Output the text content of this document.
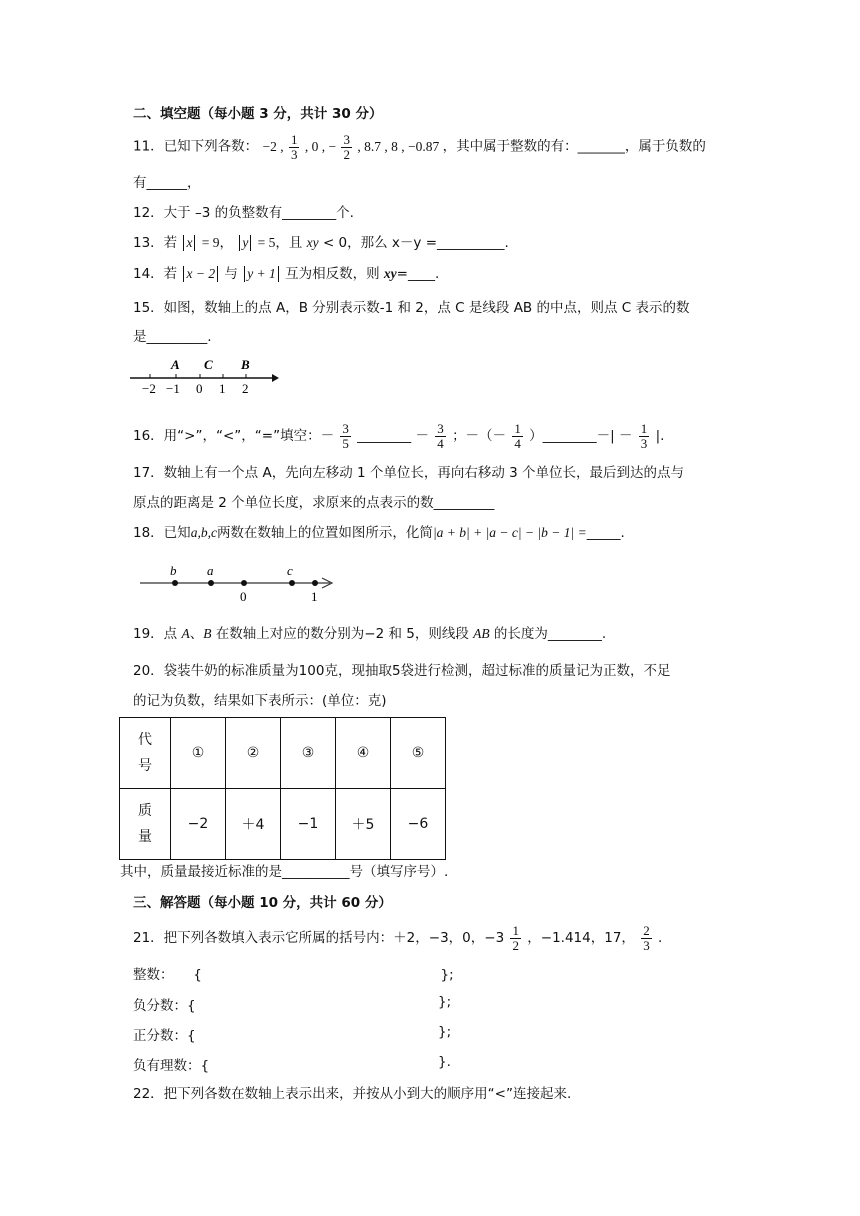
二、填空题（每小题 3 分，共计 30 分）
11．已知下列各数： −2 , $\frac{1}{3}$ , 0 , − $\frac{3}{2}$ , 8.7 , 8 , −0.87 ，其中属于整数的有：_______，属于负数的
有______，
12．大于 –3 的负整数有________个.
13．若 x = 9， y = 5，且 xy < 0，那么 x－y =__________.
14．若 x − 2 与 y + 1 互为相反数，则 xy=____.
15．如图，数轴上的点 A，B 分别表示数-1 和 2，点 C 是线段 AB 的中点，则点 C 表示的数
是_________.
A C B
−2 −1 0 1 2
16．用“>”，“<”，“=”填空：－ $\frac{3}{5}$ ________ － $\frac{3}{4}$ ；－（－ $\frac{1}{4}$ ）________－| － $\frac{1}{3}$ |.
17．数轴上有一个点 A，先向左移动 1 个单位长，再向右移动 3 个单位长，最后到达的点与
原点的距离是 2 个单位长度，求原来的点表示的数_________
18．已知a,b,c两数在数轴上的位置如图所示，化简|a + b| + |a − c| − |b − 1| =_____.
b a	c
0	1
19．点 A、B 在数轴上对应的数分别为−2 和 5，则线段 AB 的长度为________.
20．袋装牛奶的标准质量为100克，现抽取5袋进行检测，超过标准的质量记为正数，不足
的记为负数，结果如下表所示：(单位：克)
代
号	①	②	③	④	⑤

质
量	−2	＋4	−1	＋5	−6
其中，质量最接近标准的是__________号（填写序号）.
三、解答题（每小题 10 分，共计 60 分）
21．把下列各数填入表示它所属的括号内：＋2，−3，0，$-3 \frac{1}{2}$ ，−1.414，17， $\frac{2}{3}$ .
整数： {	};
负分数：{	};
正分数：{	};
负有理数：{	}.
22．把下列各数在数轴上表示出来，并按从小到大的顺序用“<”连接起来.
